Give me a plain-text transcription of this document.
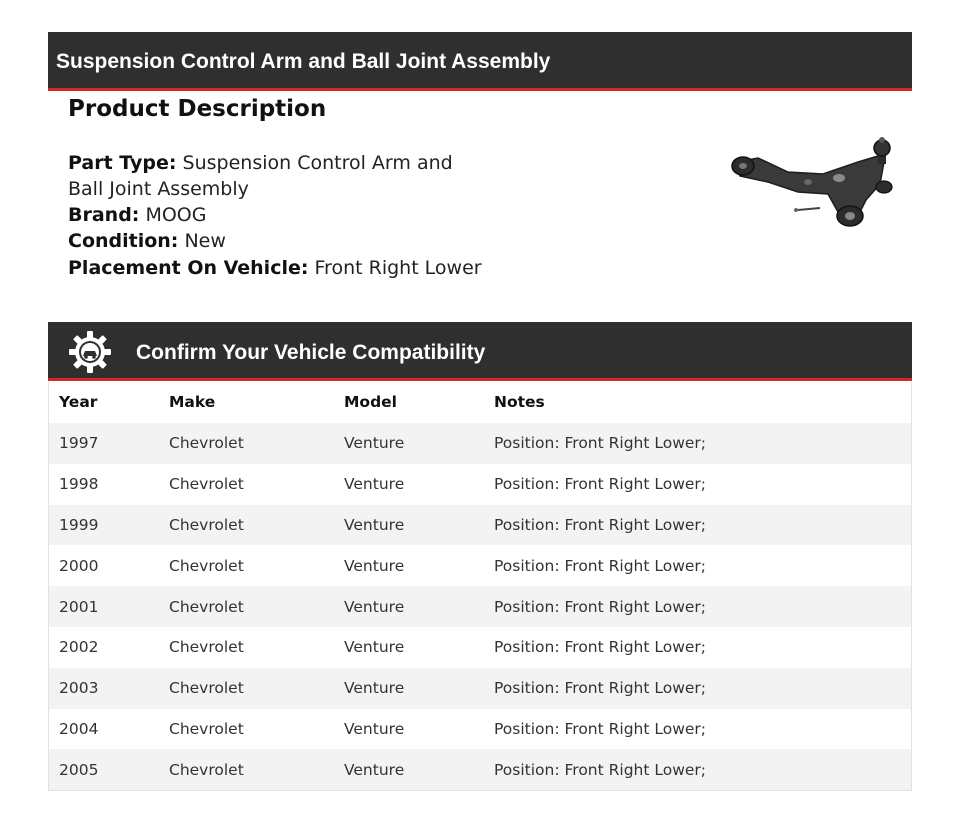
Suspension Control Arm and Ball Joint Assembly
Product Description
Part Type: Suspension Control Arm and
Ball Joint Assembly
Brand: MOOG
Condition: New
Placement On Vehicle: Front Right Lower
Confirm Your Vehicle Compatibility
Year	Make	Model	Notes
1997	Chevrolet	Venture	Position: Front Right Lower;
1998	Chevrolet	Venture	Position: Front Right Lower;
1999	Chevrolet	Venture	Position: Front Right Lower;
2000	Chevrolet	Venture	Position: Front Right Lower;
2001	Chevrolet	Venture	Position: Front Right Lower;
2002	Chevrolet	Venture	Position: Front Right Lower;
2003	Chevrolet	Venture	Position: Front Right Lower;
2004	Chevrolet	Venture	Position: Front Right Lower;
2005	Chevrolet	Venture	Position: Front Right Lower;
